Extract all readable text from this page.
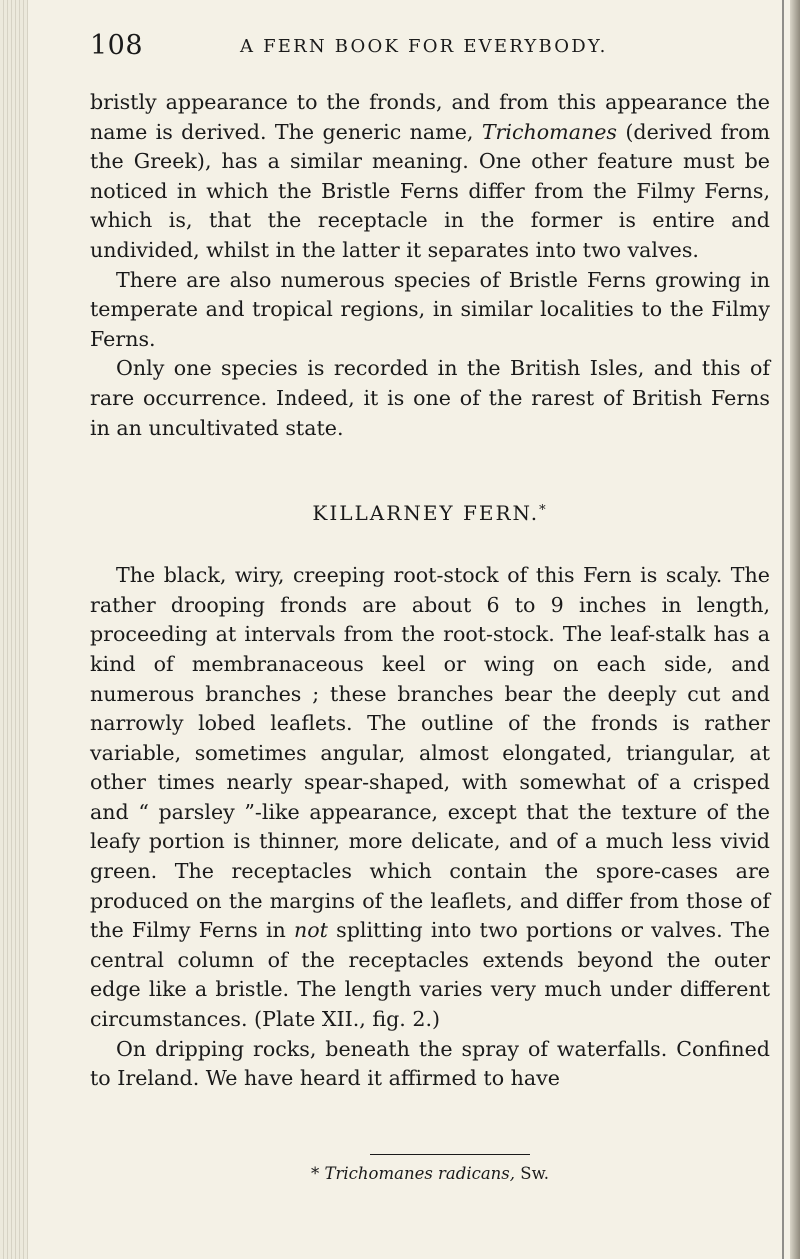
108	A FERN BOOK FOR EVERYBODY.

bristly appearance to the fronds, and from this appearance the name is derived. The generic name, Trichomanes (derived from the Greek), has a similar meaning. One other feature must be noticed in which the Bristle Ferns differ from the Filmy Ferns, which is, that the receptacle in the former is entire and undivided, whilst in the latter it separates into two valves.

There are also numerous species of Bristle Ferns growing in temperate and tropical regions, in similar localities to the Filmy Ferns.

Only one species is recorded in the British Isles, and this of rare occurrence. Indeed, it is one of the rarest of British Ferns in an uncultivated state.

KILLARNEY FERN.*

The black, wiry, creeping root-stock of this Fern is scaly. The rather drooping fronds are about 6 to 9 inches in length, proceeding at intervals from the root-stock. The leaf-stalk has a kind of membranaceous keel or wing on each side, and numerous branches ; these branches bear the deeply cut and narrowly lobed leaflets. The outline of the fronds is rather variable, sometimes angular, almost elongated, triangular, at other times nearly spear-shaped, with somewhat of a crisped and “ parsley ”-like appearance, except that the texture of the leafy portion is thinner, more delicate, and of a much less vivid green. The receptacles which contain the spore-cases are produced on the margins of the leaflets, and differ from those of the Filmy Ferns in not splitting into two portions or valves. The central column of the receptacles extends beyond the outer edge like a bristle. The length varies very much under different circumstances. (Plate XII., fig. 2.)

On dripping rocks, beneath the spray of waterfalls. Confined to Ireland. We have heard it affirmed to have

* Trichomanes radicans, Sw.
